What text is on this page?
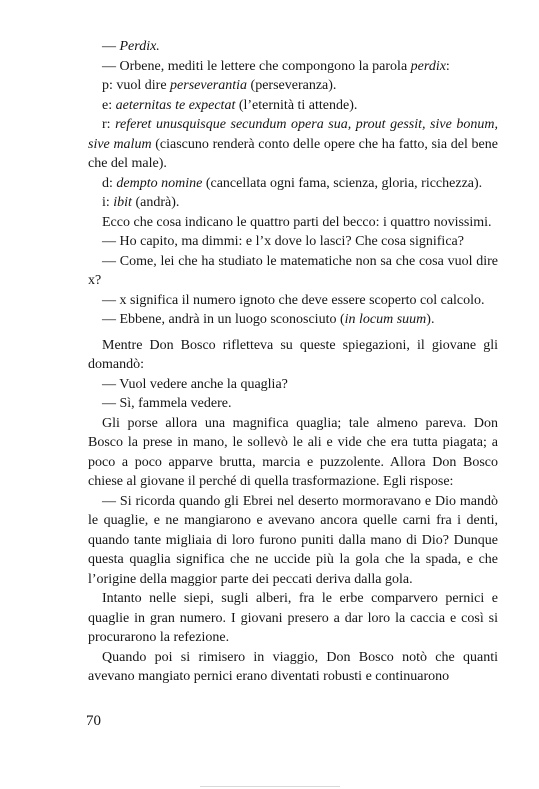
— Perdix.

— Orbene, mediti le lettere che compongono la parola perdix:

p: vuol dire perseverantia (perseveranza).

e: aeternitas te expectat (l’eternità ti attende).

r: referet unusquisque secundum opera sua, prout gessit, sive bonum, sive malum (ciascuno renderà conto delle opere che ha fatto, sia del bene che del male).

d: dempto nomine (cancellata ogni fama, scienza, gloria, ricchezza).

i: ibit (andrà).

Ecco che cosa indicano le quattro parti del becco: i quattro novissimi.

— Ho capito, ma dimmi: e l’x dove lo lasci? Che cosa significa?

— Come, lei che ha studiato le matematiche non sa che cosa vuol dire x?

— x significa il numero ignoto che deve essere scoperto col calcolo.

— Ebbene, andrà in un luogo sconosciuto (in locum suum).

Mentre Don Bosco rifletteva su queste spiegazioni, il giovane gli domandò:

— Vuol vedere anche la quaglia?

— Sì, fammela vedere.

Gli porse allora una magnifica quaglia; tale almeno pareva. Don Bosco la prese in mano, le sollevò le ali e vide che era tutta piagata; a poco a poco apparve brutta, marcia e puzzolente. Allora Don Bosco chiese al giovane il perché di quella trasformazione. Egli rispose:

— Si ricorda quando gli Ebrei nel deserto mormoravano e Dio mandò le quaglie, e ne mangiarono e avevano ancora quelle carni fra i denti, quando tante migliaia di loro furono puniti dalla mano di Dio? Dunque questa quaglia significa che ne uccide più la gola che la spada, e che l’origine della maggior parte dei peccati deriva dalla gola.

Intanto nelle siepi, sugli alberi, fra le erbe comparvero pernici e quaglie in gran numero. I giovani presero a dar loro la caccia e così si procurarono la refezione.

Quando poi si rimisero in viaggio, Don Bosco notò che quanti avevano mangiato pernici erano diventati robusti e continuarono

70
